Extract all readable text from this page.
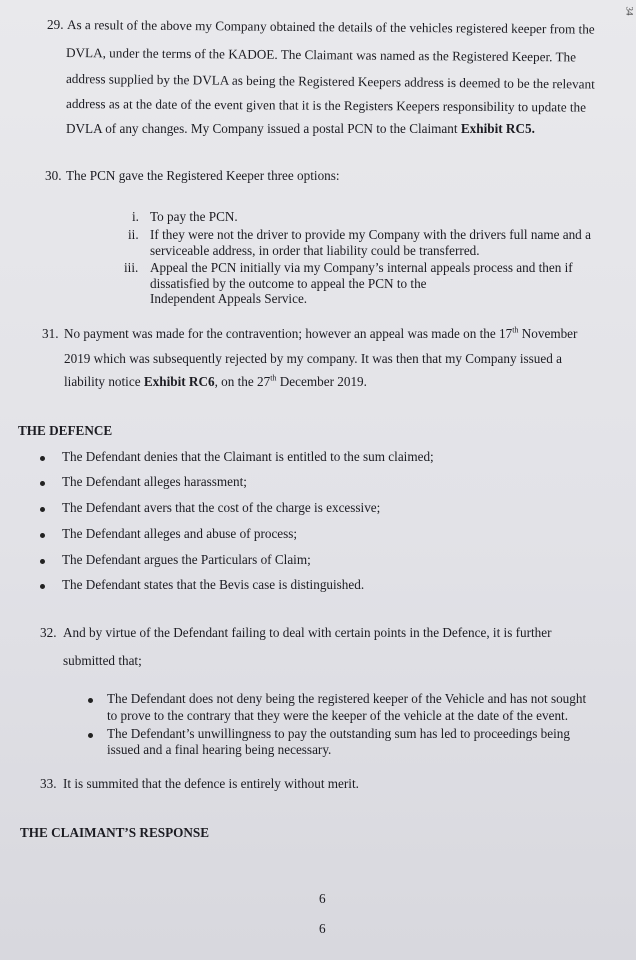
34
29. As a result of the above my Company obtained the details of the vehicles registered keeper from the
DVLA, under the terms of the KADOE. The Claimant was named as the Registered Keeper. The
address supplied by the DVLA as being the Registered Keepers address is deemed to be the relevant
address as at the date of the event given that it is the Registers Keepers responsibility to update the
DVLA of any changes. My Company issued a postal PCN to the Claimant Exhibit RC5.
30. The PCN gave the Registered Keeper three options:
i. To pay the PCN.
ii. If they were not the driver to provide my Company with the drivers full name and a
serviceable address, in order that liability could be transferred.
iii. Appeal the PCN initially via my Company’s internal appeals process and then if
dissatisfied by the outcome to appeal the PCN to the
Independent Appeals Service.
31. No payment was made for the contravention; however an appeal was made on the 17th November
2019 which was subsequently rejected by my company. It was then that my Company issued a
liability notice Exhibit RC6, on the 27th December 2019.
THE DEFENCE
The Defendant denies that the Claimant is entitled to the sum claimed;
The Defendant alleges harassment;
The Defendant avers that the cost of the charge is excessive;
The Defendant alleges and abuse of process;
The Defendant argues the Particulars of Claim;
The Defendant states that the Bevis case is distinguished.
32. And by virtue of the Defendant failing to deal with certain points in the Defence, it is further
submitted that;
The Defendant does not deny being the registered keeper of the Vehicle and has not sought
to prove to the contrary that they were the keeper of the vehicle at the date of the event.
The Defendant’s unwillingness to pay the outstanding sum has led to proceedings being
issued and a final hearing being necessary.
33. It is summited that the defence is entirely without merit.
THE CLAIMANT’S RESPONSE
6
6
